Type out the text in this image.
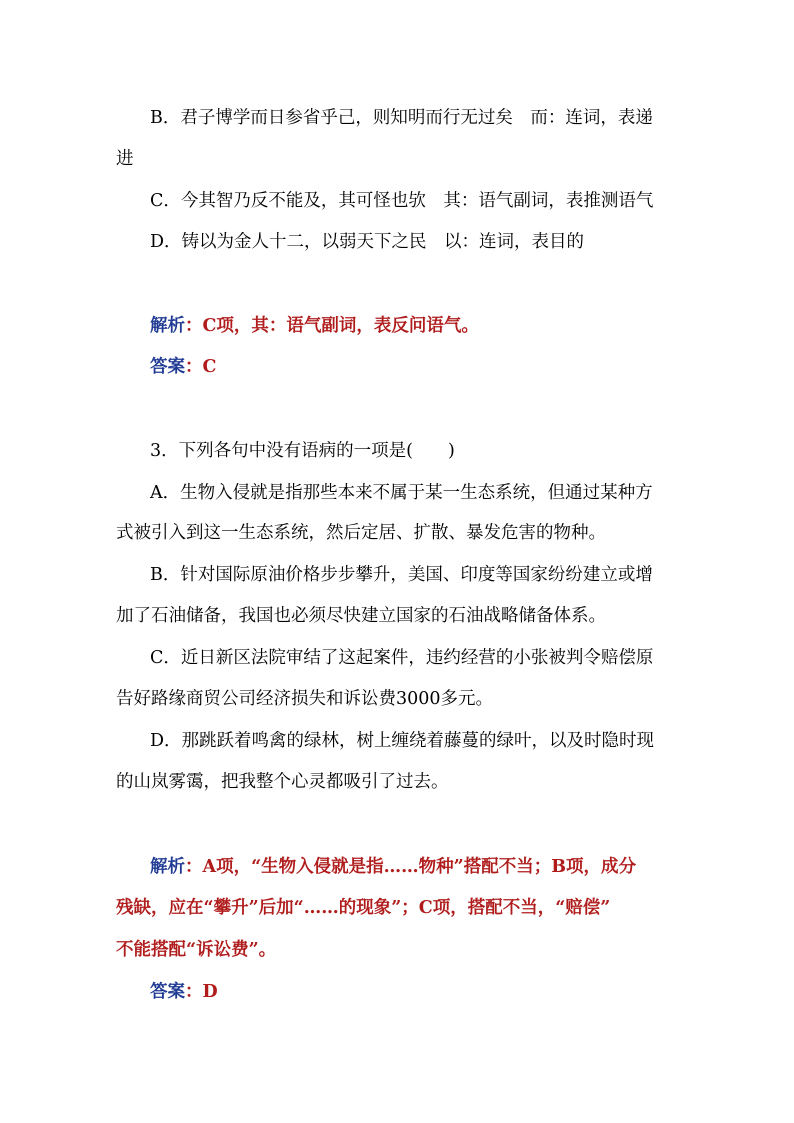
B．君子博学而日参省乎己，则知明而行无过矣　而：连词，表递
进
C．今其智乃反不能及，其可怪也欤　其：语气副词，表推测语气
D．铸以为金人十二，以弱天下之民　以：连词，表目的
解析：C项，其：语气副词，表反问语气。
答案：C
3．下列各句中没有语病的一项是(　　)
A．生物入侵就是指那些本来不属于某一生态系统，但通过某种方
式被引入到这一生态系统，然后定居、扩散、暴发危害的物种。
B．针对国际原油价格步步攀升，美国、印度等国家纷纷建立或增
加了石油储备，我国也必须尽快建立国家的石油战略储备体系。
C．近日新区法院审结了这起案件，违约经营的小张被判令赔偿原
告好路缘商贸公司经济损失和诉讼费3000多元。
D．那跳跃着鸣禽的绿林，树上缠绕着藤蔓的绿叶，以及时隐时现
的山岚雾霭，把我整个心灵都吸引了过去。
解析：A项，“生物入侵就是指……物种”搭配不当；B项，成分
残缺，应在“攀升”后加“……的现象”；C项，搭配不当，“赔偿”
不能搭配“诉讼费”。
答案：D
